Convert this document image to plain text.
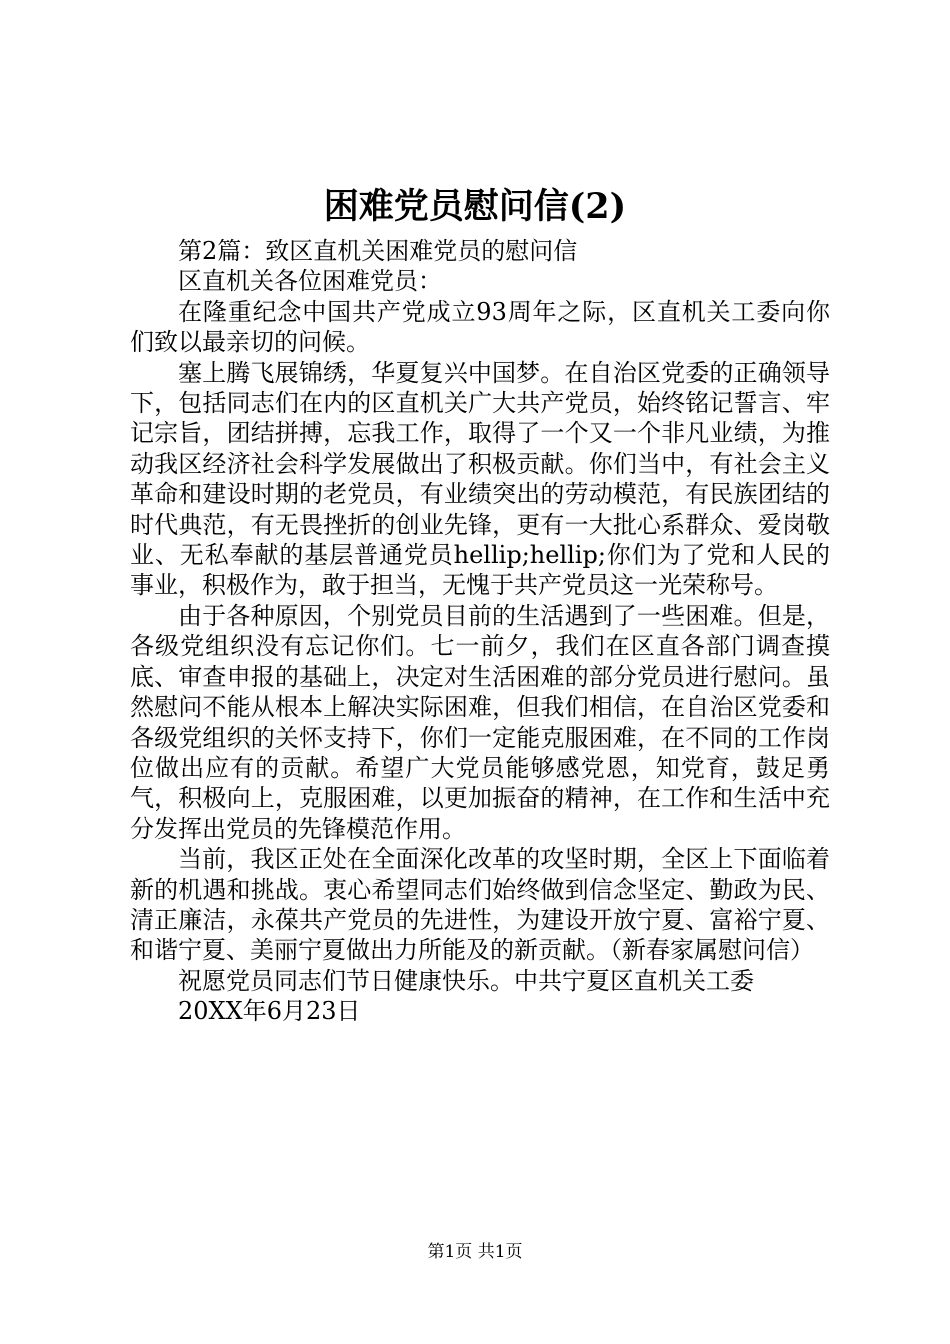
困难党员慰问信(2)

第2篇：致区直机关困难党员的慰问信

区直机关各位困难党员：

在隆重纪念中国共产党成立93周年之际，区直机关工委向你们致以最亲切的问候。

塞上腾飞展锦绣，华夏复兴中国梦。在自治区党委的正确领导下，包括同志们在内的区直机关广大共产党员，始终铭记誓言、牢记宗旨，团结拼搏，忘我工作，取得了一个又一个非凡业绩，为推动我区经济社会科学发展做出了积极贡献。你们当中，有社会主义革命和建设时期的老党员，有业绩突出的劳动模范，有民族团结的时代典范，有无畏挫折的创业先锋，更有一大批心系群众、爱岗敬业、无私奉献的基层普通党员hellip;hellip;你们为了党和人民的事业，积极作为，敢于担当，无愧于共产党员这一光荣称号。

由于各种原因，个别党员目前的生活遇到了一些困难。但是，各级党组织没有忘记你们。七一前夕，我们在区直各部门调查摸底、审查申报的基础上，决定对生活困难的部分党员进行慰问。虽然慰问不能从根本上解决实际困难，但我们相信，在自治区党委和各级党组织的关怀支持下，你们一定能克服困难，在不同的工作岗位做出应有的贡献。希望广大党员能够感党恩，知党育，鼓足勇气，积极向上，克服困难，以更加振奋的精神，在工作和生活中充分发挥出党员的先锋模范作用。

当前，我区正处在全面深化改革的攻坚时期，全区上下面临着新的机遇和挑战。衷心希望同志们始终做到信念坚定、勤政为民、清正廉洁，永葆共产党员的先进性，为建设开放宁夏、富裕宁夏、和谐宁夏、美丽宁夏做出力所能及的新贡献。（新春家属慰问信）

祝愿党员同志们节日健康快乐。中共宁夏区直机关工委

20XX年6月23日

第1页 共1页
